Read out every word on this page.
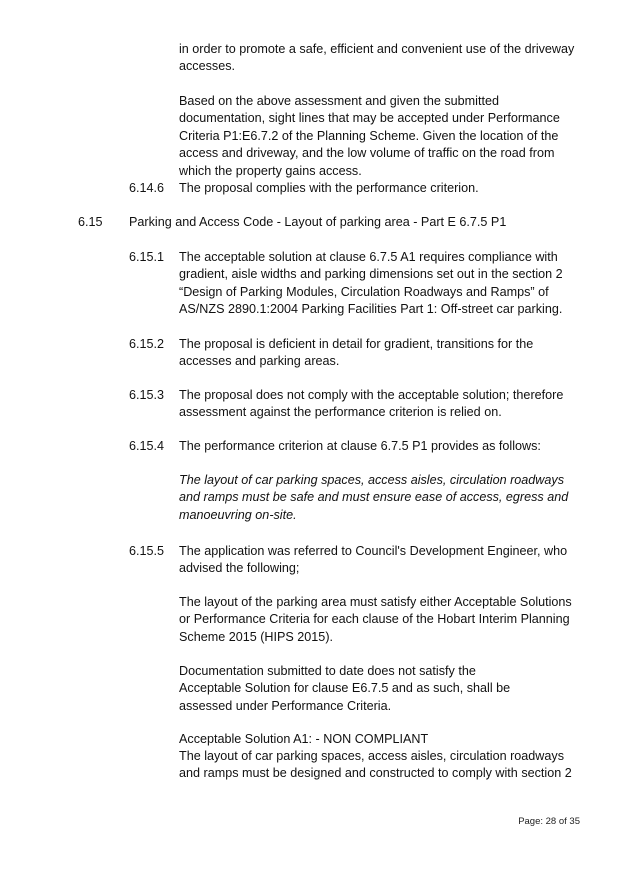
in order to promote a safe, efficient and convenient use of the driveway accesses.

Based on the above assessment and given the submitted documentation, sight lines that may be accepted under Performance Criteria P1:E6.7.2 of the Planning Scheme. Given the location of the access and driveway, and the low volume of traffic on the road from which the property gains access.

6.14.6 The proposal complies with the performance criterion.

6.15 Parking and Access Code - Layout of parking area - Part E 6.7.5 P1

6.15.1 The acceptable solution at clause 6.7.5 A1 requires compliance with gradient, aisle widths and parking dimensions set out in the section 2 “Design of Parking Modules, Circulation Roadways and Ramps” of AS/NZS 2890.1:2004 Parking Facilities Part 1: Off-street car parking.

6.15.2 The proposal is deficient in detail for gradient, transitions for the accesses and parking areas.

6.15.3 The proposal does not comply with the acceptable solution; therefore assessment against the performance criterion is relied on.

6.15.4 The performance criterion at clause 6.7.5 P1 provides as follows:

The layout of car parking spaces, access aisles, circulation roadways and ramps must be safe and must ensure ease of access, egress and manoeuvring on-site.

6.15.5 The application was referred to Council's Development Engineer, who advised the following;

The layout of the parking area must satisfy either Acceptable Solutions or Performance Criteria for each clause of the Hobart Interim Planning Scheme 2015 (HIPS 2015).

Documentation submitted to date does not satisfy the Acceptable Solution for clause E6.7.5 and as such, shall be assessed under Performance Criteria.

Acceptable Solution A1: - NON COMPLIANT

The layout of car parking spaces, access aisles, circulation roadways and ramps must be designed and constructed to comply with section 2

Page: 28 of 35
